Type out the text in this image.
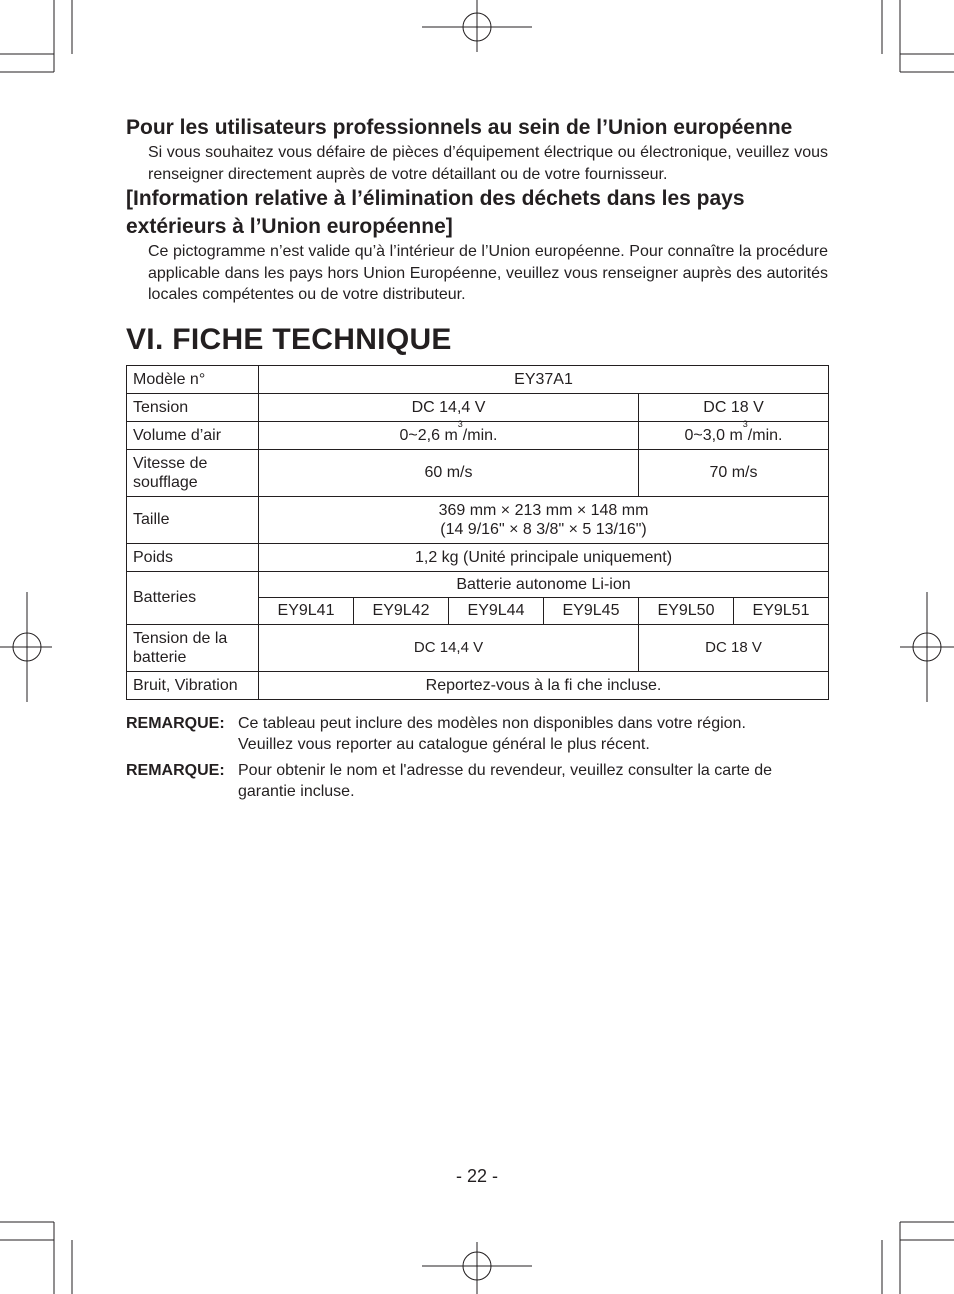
Pour les utilisateurs professionnels au sein de l’Union européenne

Si vous souhaitez vous défaire de pièces d’équipement électrique ou électronique, veuillez vous renseigner directement auprès de votre détaillant ou de votre fournisseur.

[Information relative à l’élimination des déchets dans les pays
extérieurs à l’Union européenne]

Ce pictogramme n’est valide qu’à l’intérieur de l’Union européenne. Pour connaître la procédure applicable dans les pays hors Union Européenne, veuillez vous renseigner auprès des autorités locales compétentes ou de votre distributeur.

VI. FICHE TECHNIQUE
Modèle n°	EY37A1					
Tension	DC 14,4 V				DC 18 V	
Volume d’air	0~2,6 $m^3/\min$.				0~3,0 $m^3/\min$.	
Vitesse de
soufflage	60 m/s				70 m/s	
Taille	369 mm × 213 mm × 148 mm
(14 9/16" × 8 3/8" × 5 13/16")					
Poids	1,2 kg (Unité principale uniquement)					
Batteries	Batterie autonome Li-ion					
	EY9L41	EY9L42	EY9L44	EY9L45	EY9L50	EY9L51
Tension de la
batterie	DC 14,4 V				DC 18 V	
Bruit, Vibration	Reportez-vous à la fi che incluse.					
REMARQUE: Ce tableau peut inclure des modèles non disponibles dans votre région.
Veuillez vous reporter au catalogue général le plus récent.
REMARQUE: Pour obtenir le nom et l'adresse du revendeur, veuillez consulter la carte de
garantie incluse.
- 22 -
